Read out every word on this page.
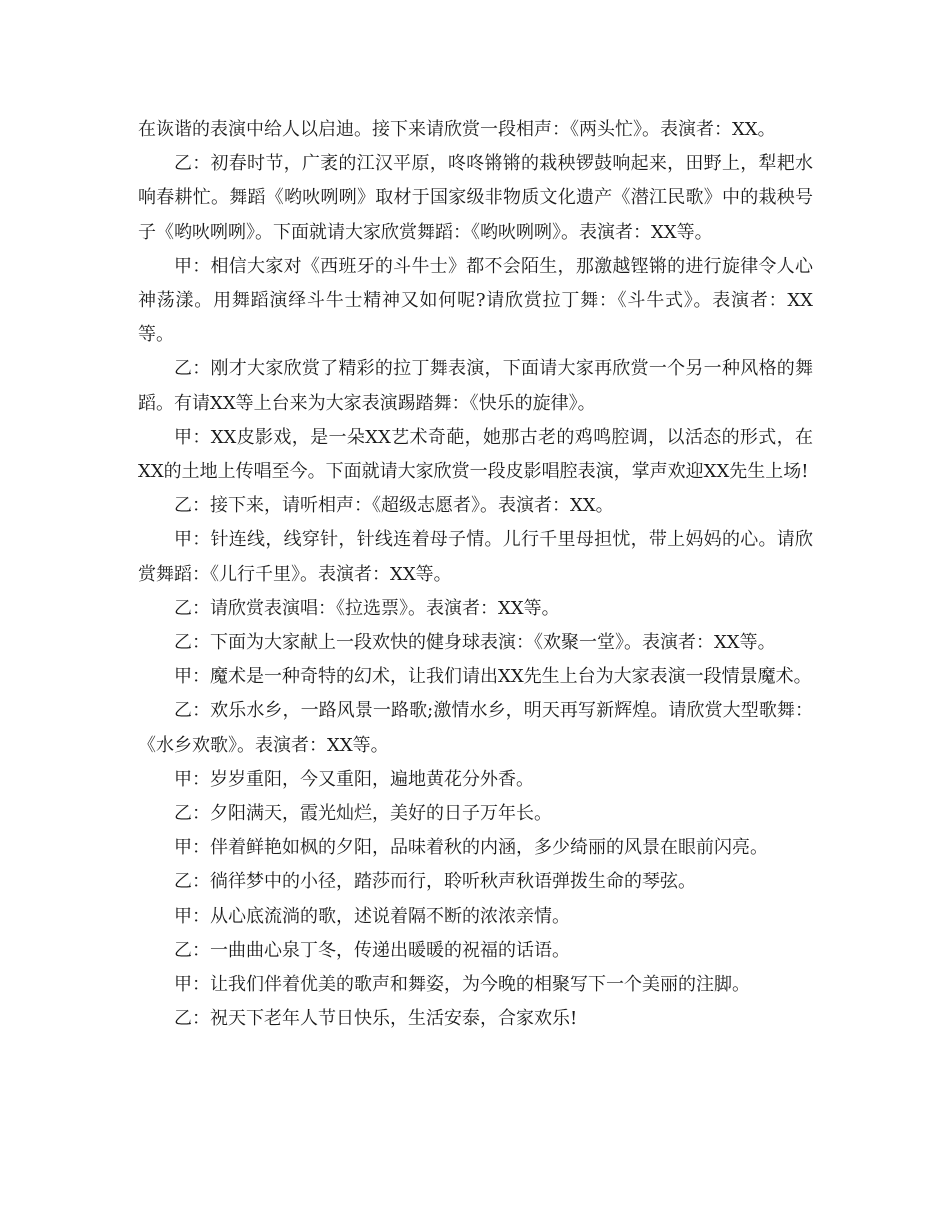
在诙谐的表演中给人以启迪。接下来请欣赏一段相声：《两头忙》。表演者：XX。

乙：初春时节，广袤的江汉平原，咚咚锵锵的栽秧锣鼓响起来，田野上，犁耙水响春耕忙。舞蹈《哟吙咧咧》取材于国家级非物质文化遗产《潜江民歌》中的栽秧号子《哟吙咧咧》。下面就请大家欣赏舞蹈：《哟吙咧咧》。表演者：XX等。

甲：相信大家对《西班牙的斗牛士》都不会陌生，那激越铿锵的进行旋律令人心神荡漾。用舞蹈演绎斗牛士精神又如何呢?请欣赏拉丁舞：《斗牛式》。表演者：XX等。

乙：刚才大家欣赏了精彩的拉丁舞表演，下面请大家再欣赏一个另一种风格的舞蹈。有请XX等上台来为大家表演踢踏舞：《快乐的旋律》。

甲：XX皮影戏，是一朵XX艺术奇葩，她那古老的鸡鸣腔调，以活态的形式，在XX的土地上传唱至今。下面就请大家欣赏一段皮影唱腔表演，掌声欢迎XX先生上场!

乙：接下来，请听相声：《超级志愿者》。表演者：XX。

甲：针连线，线穿针，针线连着母子情。儿行千里母担忧，带上妈妈的心。请欣赏舞蹈：《儿行千里》。表演者：XX等。

乙：请欣赏表演唱：《拉选票》。表演者：XX等。

乙：下面为大家献上一段欢快的健身球表演：《欢聚一堂》。表演者：XX等。

甲：魔术是一种奇特的幻术，让我们请出XX先生上台为大家表演一段情景魔术。

乙：欢乐水乡，一路风景一路歌;激情水乡，明天再写新辉煌。请欣赏大型歌舞：《水乡欢歌》。表演者：XX等。

甲：岁岁重阳，今又重阳，遍地黄花分外香。

乙：夕阳满天，霞光灿烂，美好的日子万年长。

甲：伴着鲜艳如枫的夕阳，品味着秋的内涵，多少绮丽的风景在眼前闪亮。

乙：徜徉梦中的小径，踏莎而行，聆听秋声秋语弹拨生命的琴弦。

甲：从心底流淌的歌，述说着隔不断的浓浓亲情。

乙：一曲曲心泉丁冬，传递出暖暖的祝福的话语。

甲：让我们伴着优美的歌声和舞姿，为今晚的相聚写下一个美丽的注脚。

乙：祝天下老年人节日快乐，生活安泰，合家欢乐!
